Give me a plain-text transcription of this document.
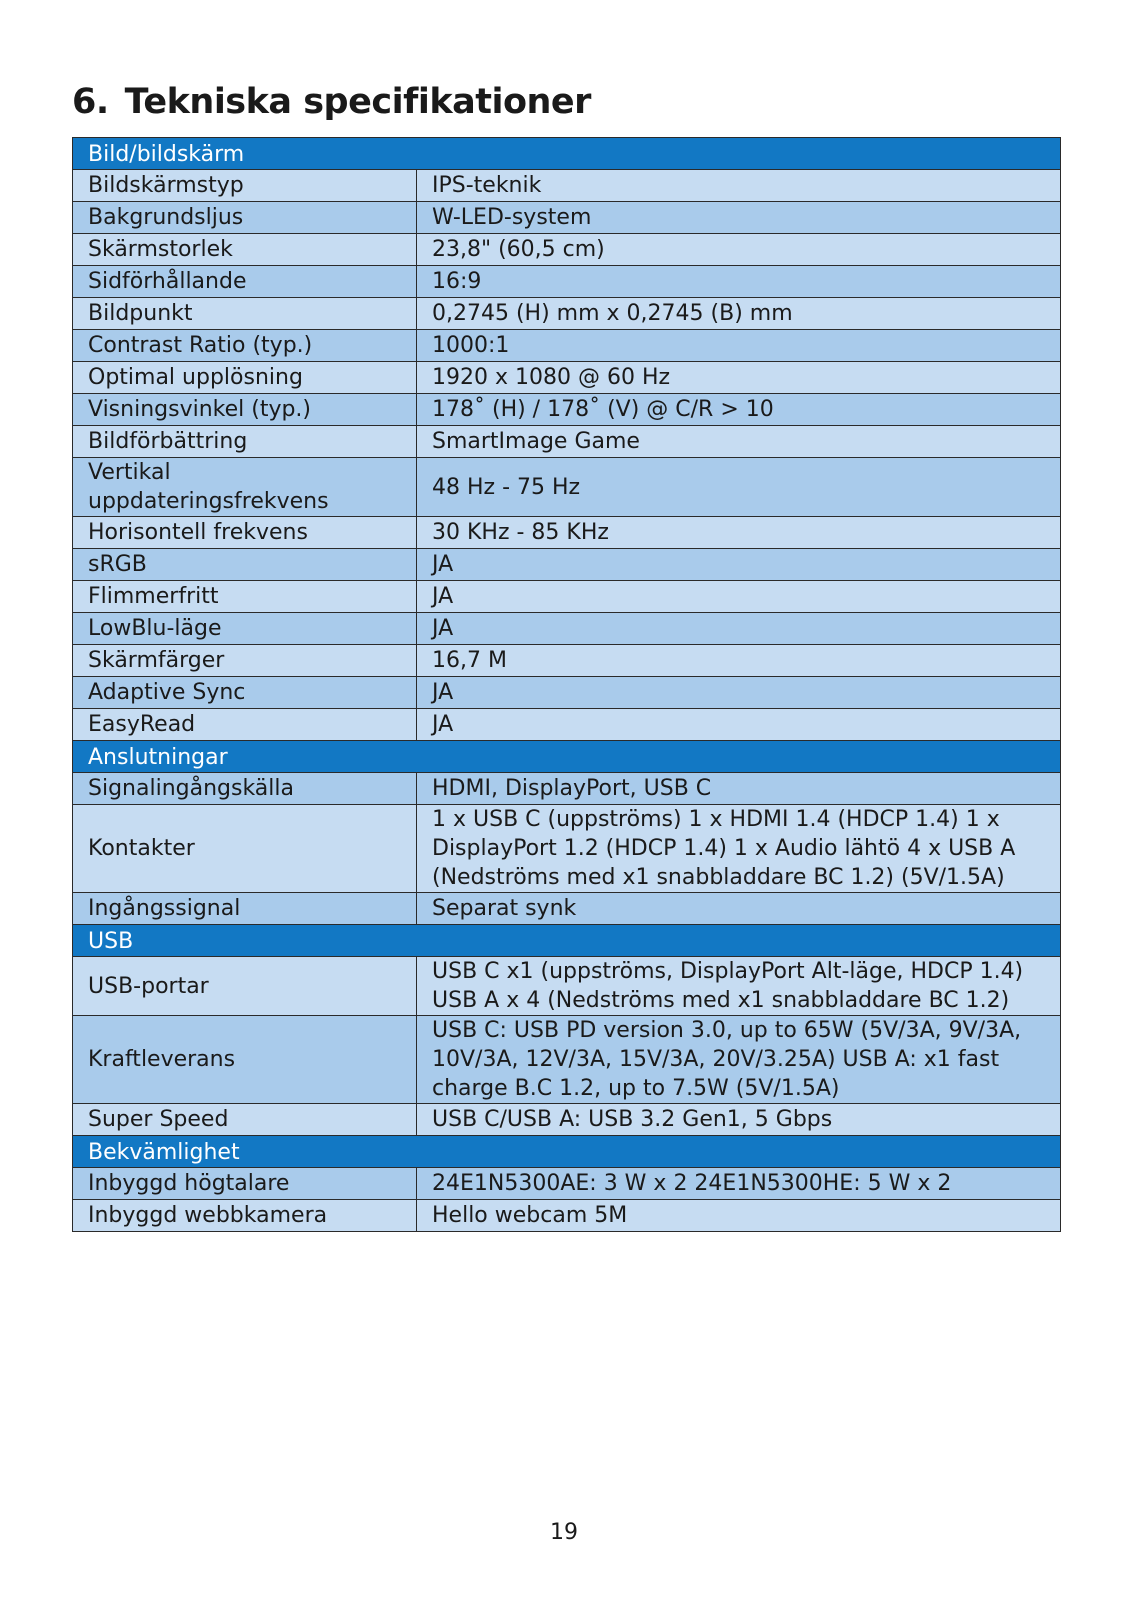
6. Tekniska specifikationer
Bild/bildskärm	
Bildskärmstyp	IPS-teknik
Bakgrundsljus	W-LED-system
Skärmstorlek	23,8" (60,5 cm)
Sidförhållande	16:9
Bildpunkt	0,2745 (H) mm x 0,2745 (B) mm
Contrast Ratio (typ.)	1000:1
Optimal upplösning	1920 x 1080 @ 60 Hz
Visningsvinkel (typ.)	178˚ (H) / 178˚ (V) @ C/R > 10
Bildförbättring	SmartImage Game
Vertikal uppdateringsfrekvens	48 Hz - 75 Hz
Horisontell frekvens	30 KHz - 85 KHz
sRGB	JA
Flimmerfritt	JA
LowBlu-läge	JA
Skärmfärger	16,7 M
Adaptive Sync	JA
EasyRead	JA
Anslutningar	
Signalingångskälla	HDMI, DisplayPort, USB C
Kontakter	1 x USB C (uppströms) 1 x HDMI 1.4 (HDCP 1.4) 1 x DisplayPort 1.2 (HDCP 1.4) 1 x Audio lähtö 4 x USB A (Nedströms med x1 snabbladdare BC 1.2) (5V/1.5A)
Ingångssignal	Separat synk
USB	
USB-portar	USB C x1 (uppströms, DisplayPort Alt-läge, HDCP 1.4) USB A x 4 (Nedströms med x1 snabbladdare BC 1.2)
Kraftleverans	USB C: USB PD version 3.0, up to 65W (5V/3A, 9V/3A, 10V/3A, 12V/3A, 15V/3A, 20V/3.25A) USB A: x1 fast charge B.C 1.2, up to 7.5W (5V/1.5A)
Super Speed	USB C/USB A: USB 3.2 Gen1, 5 Gbps
Bekvämlighet	
Inbyggd högtalare	24E1N5300AE: 3 W x 2 24E1N5300HE: 5 W x 2
Inbyggd webbkamera	Hello webcam 5M
19
